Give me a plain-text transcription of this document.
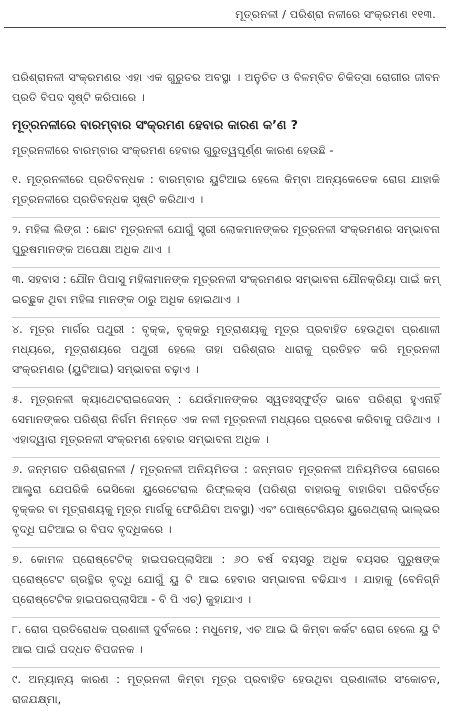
ମୂତ୍ରନଳୀ / ପରିଶ୍ରା ନଳୀରେ ସଂକ୍ରମଣ ୧୧୩.

ପରିଶ୍ରାନଳୀ ସଂକ୍ରମଣର ଏହା ଏକ ଗୁରୁତର ଅବସ୍ଥା । ଅନୁଚିତ ଓ ବିଳମ୍ବିତ ଚିକିତ୍ସା ରୋଗୀର ଜୀବନ ପ୍ରତି ବିପଦ ସୃଷ୍ଟି କରିପାରେ ।

ମୂତ୍ରନଳୀରେ ବାରମ୍ବାର ସଂକ୍ରମଣ ହେବାର କାରଣ କ’ଣ ?

ମୂତ୍ରନଳୀରେ ବାରମ୍ବାର ସଂକ୍ରମଣ ହେବାର ଗୁରୁତ୍ୱପୂର୍ଣ୍ଣ କାରଣ ହେଉଛି -

୧. ମୂତ୍ରନଳୀରେ ପ୍ରତିବନ୍ଧକ : ବାରମ୍ବାର ୟୁଟିଆଇ ହେଲେ କିମ୍ବା ଅନ୍ୟକେତେକ ରୋଗ ଯାହାକି ମୂତ୍ରନଳୀରେ ପ୍ରତିବନ୍ଧକ ସୃଷ୍ଟି କରିଥାଏ ।

୨. ମହିଳା ଲିଙ୍ଗ : ଛୋଟ ମୂତ୍ରନଳୀ ଯୋଗୁଁ ସ୍ତ୍ରୀ ଲୋକମାନଙ୍କର ମୂତ୍ରନଳୀ ସଂକ୍ରମଣର ସମ୍ଭାବନା ପୁରୁଷମାନଙ୍କ ଅପେକ୍ଷା ଅଧିକ ଥାଏ ।

୩. ସହବାସ : ଯୌନ ପିପାସୁ ମହିଳାମାନଙ୍କ ମୂତ୍ରନଳୀ ସଂକ୍ରମଣର ସମ୍ଭାବନା ଯୌନକ୍ରିୟା ପାଇଁ କମ୍ ଇଚ୍ଛୁକ ଥିବା ମହିଳା ମାନଙ୍କ ଠାରୁ ଅଧିକ ହୋଇଥାଏ ।

୪. ମୂତ୍ର ମାର୍ଗର ପଥୁରୀ : ବୃକ୍କ, ବୃକ୍କରୁ ମୂତ୍ରାଶୟକୁ ମୂତ୍ର ପ୍ରବାହିତ ହେଉଥିବା ପ୍ରଣାଳୀ ମଧ୍ୟରେ, ମୂତ୍ରାଶୟରେ ପଥୁରୀ ହେଲେ ତାହା ପରିଶ୍ରାର ଧାରାକୁ ପ୍ରତିହତ କରି ମୂତ୍ରନଳୀ ସଂକ୍ରମଣର (ୟୁଟିଆଇ) ସମ୍ଭାବନା ବଢ଼ାଏ ।

୫. ମୂତ୍ରନଳୀ କ୍ୟାଥେଟରାଇଜେସନ୍ : ଯେଉଁମାନଙ୍କର ସ୍ୱତଃସ୍ଫୁର୍ତ୍ତ ଭାବେ ପରିଶ୍ରା ହୁଏନାହିଁ ସେମାନଙ୍କର ପରିଶ୍ରା ନିର୍ଗମ ନିମନ୍ତେ ଏକ ନଳୀ ମୂତ୍ରନଳୀ ମଧ୍ୟରେ ପ୍ରବେଶ କରିବାକୁ ପଡିଥାଏ । ଏହାଦ୍ୱାରା ମୂତ୍ରନଳୀ ସଂକ୍ରମଣ ହେବାର ସମ୍ଭାବନା ଅଧିକ ।

୬. ଜନ୍ମଗତ ପରିଶ୍ରାନଳୀ / ମୂତ୍ରନଳୀ ଅନିୟମିତତା : ଜନ୍ମଗତ ମୂତ୍ରନଳୀ ଅନିୟମିତତା ରୋଗରେ ଆଲ୍ଟ୍ରା ଯେପରିକି ଭେସିକୋ ୟୁରେଟେରାଲ ରିଫ୍ଲକ୍ସ (ପରିଶ୍ରା ବାହାରକୁ ବାହାରିବା ପରିବର୍ତ୍ତେ ବୃକ୍କର ବା ମୂତ୍ରାଶୟକୁ ମୂତ୍ର ମାର୍ଗକୁ ଫେରିଯିବା ଅବସ୍ଥା) ଏବଂ ପୋଷ୍ଟେରିୟର ୟୁରେଥ୍ରାଲ୍ ଭାଲ୍ଭର ବୃଦ୍ଧି ଘଟିଆଇ ର ବିପଦ ବୃଦ୍ଧିକରେ ।

୭. କୋମଳ ପ୍ରୋଷ୍ଟେଟିକ୍ ହାଇପରପ୍ଲାସିଆ : ୬୦ ବର୍ଷ ବୟସରୁ ଅଧିକ ବୟସର ପୁରୁଷଙ୍କ ପ୍ରୋଷ୍ଟେଟ ଗ୍ରନ୍ଥିର ବୃଦ୍ଧି ଯୋଗୁଁ ୟୁ ଟି ଆଇ ହେବାର ସମ୍ଭାବନା ବଢିଯାଏ । ଯାହାକୁ (ବେନିଗ୍ନି ପ୍ରୋଷ୍ଟେଟିକ ହାଇପରପ୍ଲାସିଆ - ବି ପି ଏଚ୍) କୁହାଯାଏ ।

୮. ରୋଗ ପ୍ରତିରୋଧକ ପ୍ରଣାଳୀ ଦୁର୍ବଳରେ : ମଧୁମେହ, ଏଚ ଆଇ ଭି କିମ୍ବା କର୍କଟ ରୋଗ ହେଲେ ୟୁ ଟି ଆଇ ପାଇଁ ପଦ୍ଧତ ବିପଜନକ ।

୯. ଅନ୍ୟାନ୍ୟ କାରଣ : ମୂତ୍ରନଳୀ କିମ୍ବା ମୂତ୍ର ପ୍ରବାହିତ ହେଉଥିବା ପ୍ରଣାଳୀର ସଂକୋଚନ, ରାଜଯକ୍ଷ୍ମା,
